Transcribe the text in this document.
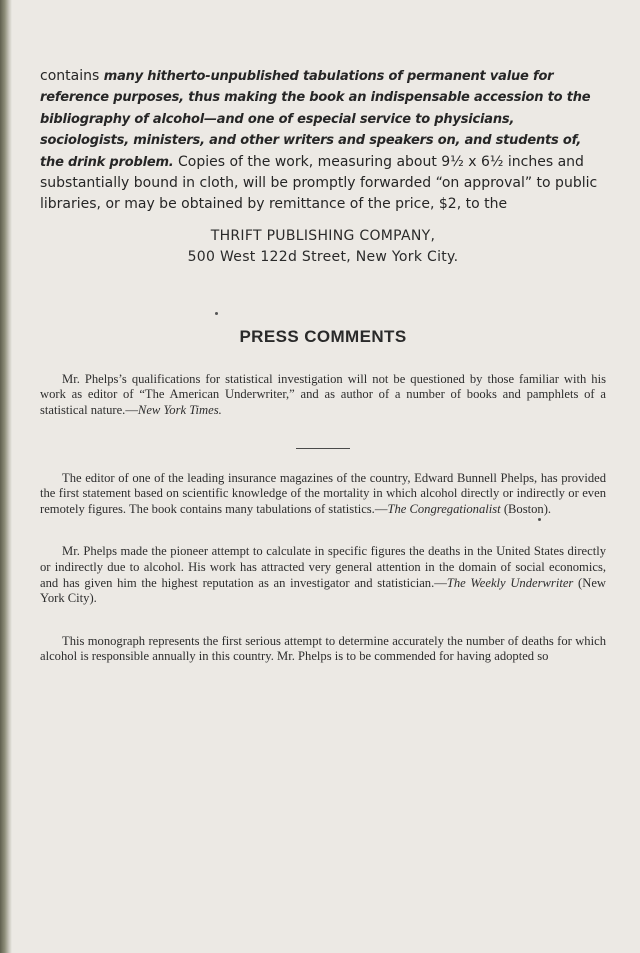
contains many hitherto-unpublished tabulations of permanent value for reference purposes, thus making the book an indispensable accession to the bibliography of alcohol—and one of especial service to physicians, sociologists, ministers, and other writers and speakers on, and students of, the drink problem. Copies of the work, measuring about 9½ x 6½ inches and substantially bound in cloth, will be promptly forwarded “on approval” to public libraries, or may be obtained by remittance of the price, $2, to the

THRIFT PUBLISHING COMPANY,
500 West 122d Street, New York City.
PRESS COMMENTS

Mr. Phelps’s qualifications for statistical investigation will not be questioned by those familiar with his work as editor of “The American Underwriter,” and as author of a number of books and pamphlets of a statistical nature.—New York Times.

The editor of one of the leading insurance magazines of the country, Edward Bunnell Phelps, has provided the first statement based on scientific knowledge of the mortality in which alcohol directly or indirectly or even remotely figures. The book contains many tabulations of statistics.—The Congregationalist (Boston).

Mr. Phelps made the pioneer attempt to calculate in specific figures the deaths in the United States directly or indirectly due to alcohol. His work has attracted very general attention in the domain of social economics, and has given him the highest reputation as an investigator and statistician.—The Weekly Underwriter (New York City).

This monograph represents the first serious attempt to determine accurately the number of deaths for which alcohol is responsible annually in this country. Mr. Phelps is to be commended for having adopted so
